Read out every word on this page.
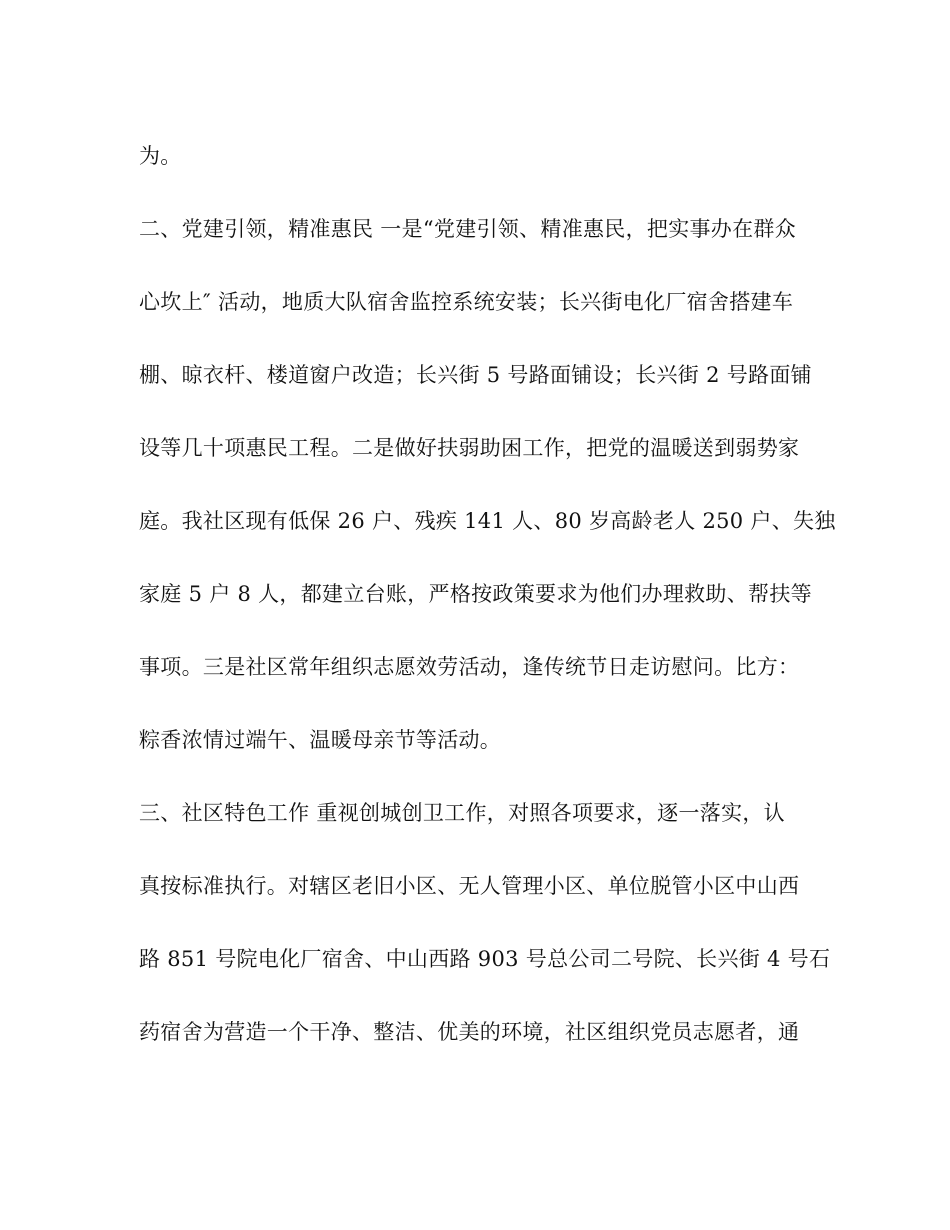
为。
二、党建引领，精准惠民 一是“党建引领、精准惠民，把实事办在群众
心坎上″ 活动，地质大队宿舍监控系统安装；长兴街电化厂宿舍搭建车
棚、晾衣杆、楼道窗户改造；长兴街 5 号路面铺设；长兴街 2 号路面铺
设等几十项惠民工程。二是做好扶弱助困工作，把党的温暖送到弱势家
庭。我社区现有低保 26 户、残疾 141 人、80 岁高龄老人 250 户、失独
家庭 5 户 8 人，都建立台账，严格按政策要求为他们办理救助、帮扶等
事项。三是社区常年组织志愿效劳活动，逢传统节日走访慰问。比方：
粽香浓情过端午、温暖母亲节等活动。
三、社区特色工作 重视创城创卫工作，对照各项要求，逐一落实，认
真按标准执行。对辖区老旧小区、无人管理小区、单位脱管小区中山西
路 851 号院电化厂宿舍、中山西路 903 号总公司二号院、长兴街 4 号石
药宿舍为营造一个干净、整洁、优美的环境，社区组织党员志愿者，通
